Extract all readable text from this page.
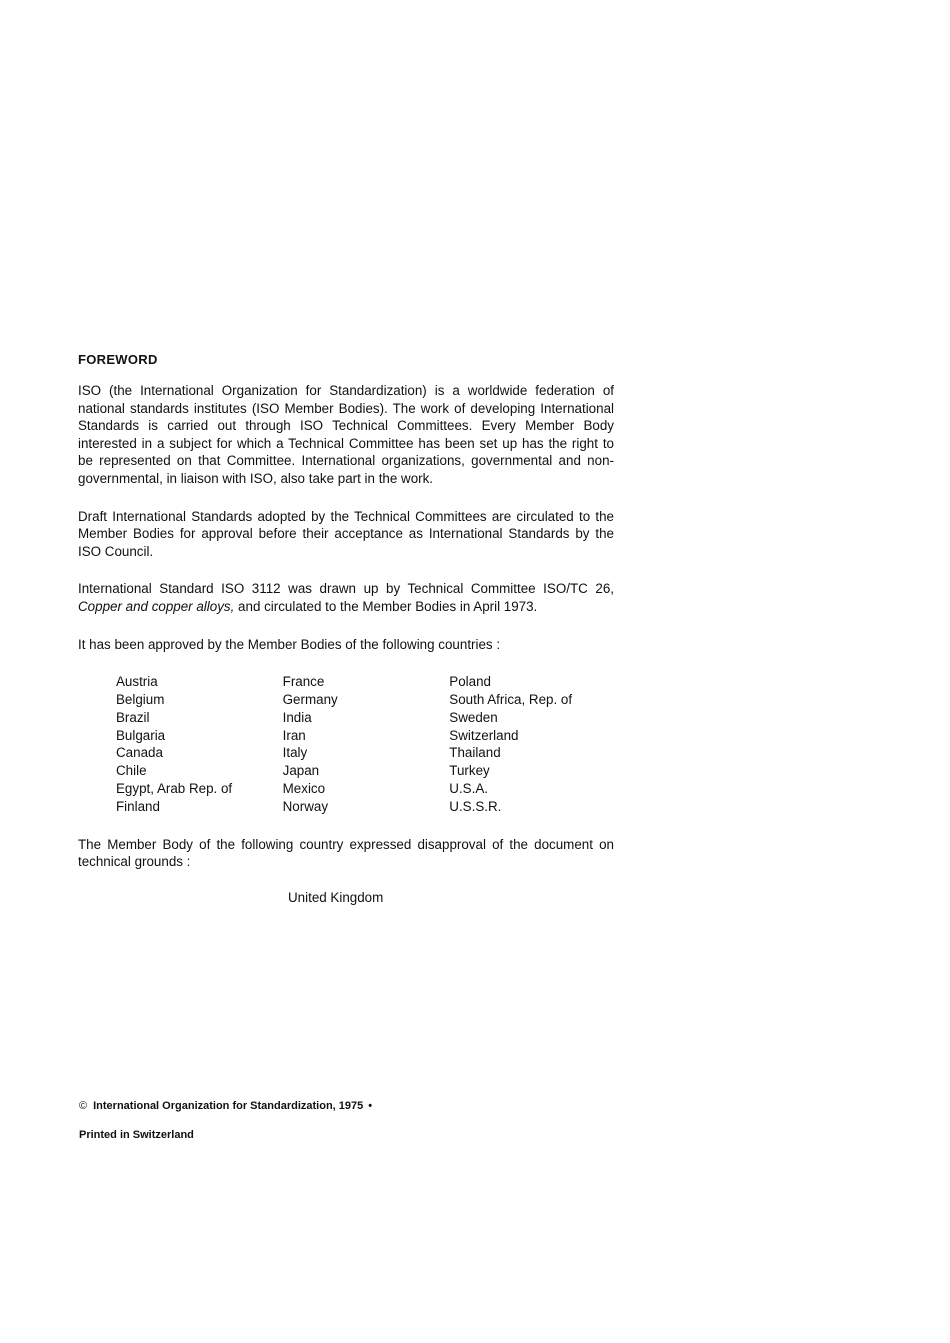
FOREWORD

ISO (the International Organization for Standardization) is a worldwide federation of national standards institutes (ISO Member Bodies). The work of developing International Standards is carried out through ISO Technical Committees. Every Member Body interested in a subject for which a Technical Committee has been set up has the right to be represented on that Committee. International organizations, governmental and non-governmental, in liaison with ISO, also take part in the work.

Draft International Standards adopted by the Technical Committees are circulated to the Member Bodies for approval before their acceptance as International Standards by the ISO Council.

International Standard ISO 3112 was drawn up by Technical Committee ISO/TC 26, Copper and copper alloys, and circulated to the Member Bodies in April 1973.

It has been approved by the Member Bodies of the following countries :

Austria
Belgium
Brazil
Bulgaria
Canada
Chile
Egypt, Arab Rep. of
Finland
France
Germany
India
Iran
Italy
Japan
Mexico
Norway
Poland
South Africa, Rep. of
Sweden
Switzerland
Thailand
Turkey
U.S.A.
U.S.S.R.

The Member Body of the following country expressed disapproval of the document on technical grounds :

United Kingdom
© International Organization for Standardization, 1975 •
Printed in Switzerland
